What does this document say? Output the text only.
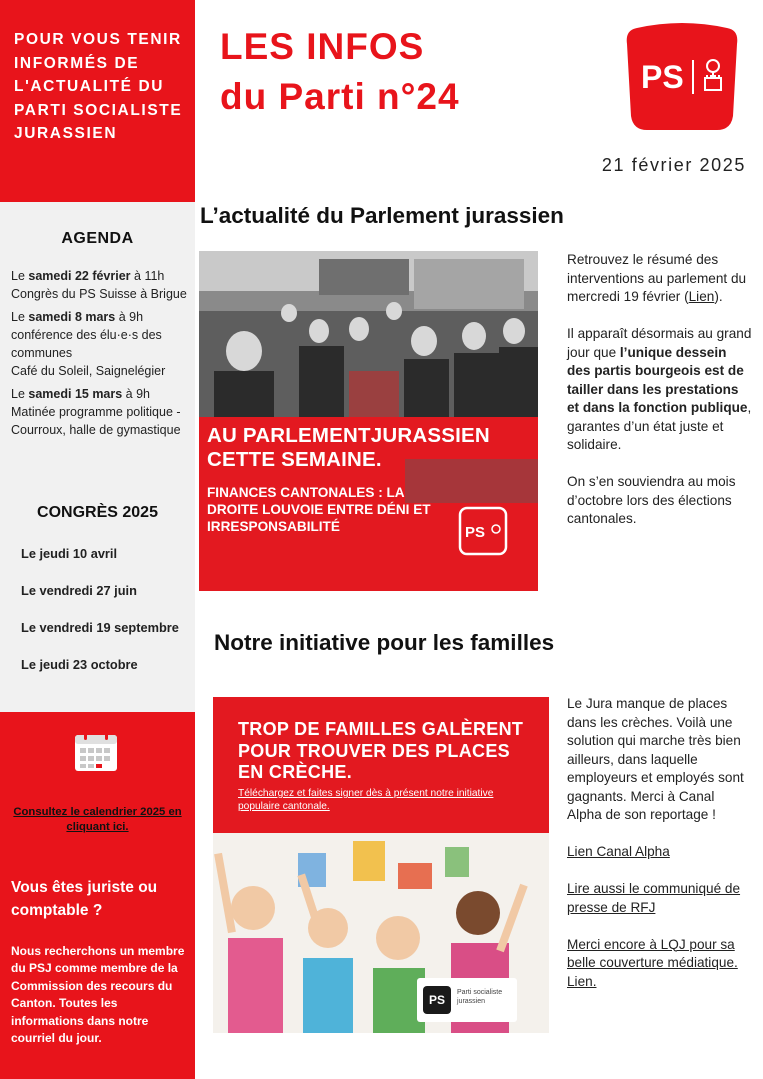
POUR VOUS TENIR INFORMÉS DE L'ACTUALITÉ DU PARTI SOCIALISTE JURASSIEN

AGENDA
Le samedi 22 février à 11h Congrès du PS Suisse à Brigue
Le samedi 8 mars à 9h conférence des élu·e·s des communes
Café du Soleil, Saignelégier
Le samedi 15 mars à 9h Matinée programme politique - Courroux, halle de gymastique
CONGRÈS 2025
Le jeudi 10 avril
Le vendredi 27 juin
Le vendredi 19 septembre
Le jeudi 23 octobre
Consultez le calendrier 2025 en cliquant ici.
Vous êtes juriste ou comptable ?
Nous recherchons un membre du PSJ comme membre de la Commission des recours du Canton. Toutes les informations dans notre courriel du jour.
LES INFOS
du Parti n°24	PS
21 février 2025
L’actualité du Parlement jurassien
AU PARLEMENTJURASSIEN
CETTE SEMAINE.
FINANCES CANTONALES : LA DROITE LOUVOIE ENTRE DÉNI ET IRRESPONSABILITÉ	PS

Retrouvez le résumé des interventions au parlement du mercredi 19 février (Lien).

Il apparaît désormais au grand jour que l’unique dessein des partis bourgeois est de tailler dans les prestations et dans la fonction publique, garantes d’un état juste et solidaire.

On s’en souviendra au mois d’octobre lors des élections cantonales.

Notre initiative pour les familles
TROP DE FAMILLES GALÈRENT POUR TROUVER DES PLACES EN CRÈCHE.
Téléchargez et faites signer dès à présent notre initiative populaire cantonale.
PS
Parti socialiste jurassien

Le Jura manque de places dans les crèches. Voilà une solution qui marche très bien ailleurs, dans laquelle employeurs et employés sont gagnants. Merci à Canal Alpha de son reportage !

Lien Canal Alpha

Lire aussi le communiqué de presse de RFJ

Merci encore à LQJ pour sa belle couverture médiatique. Lien.
